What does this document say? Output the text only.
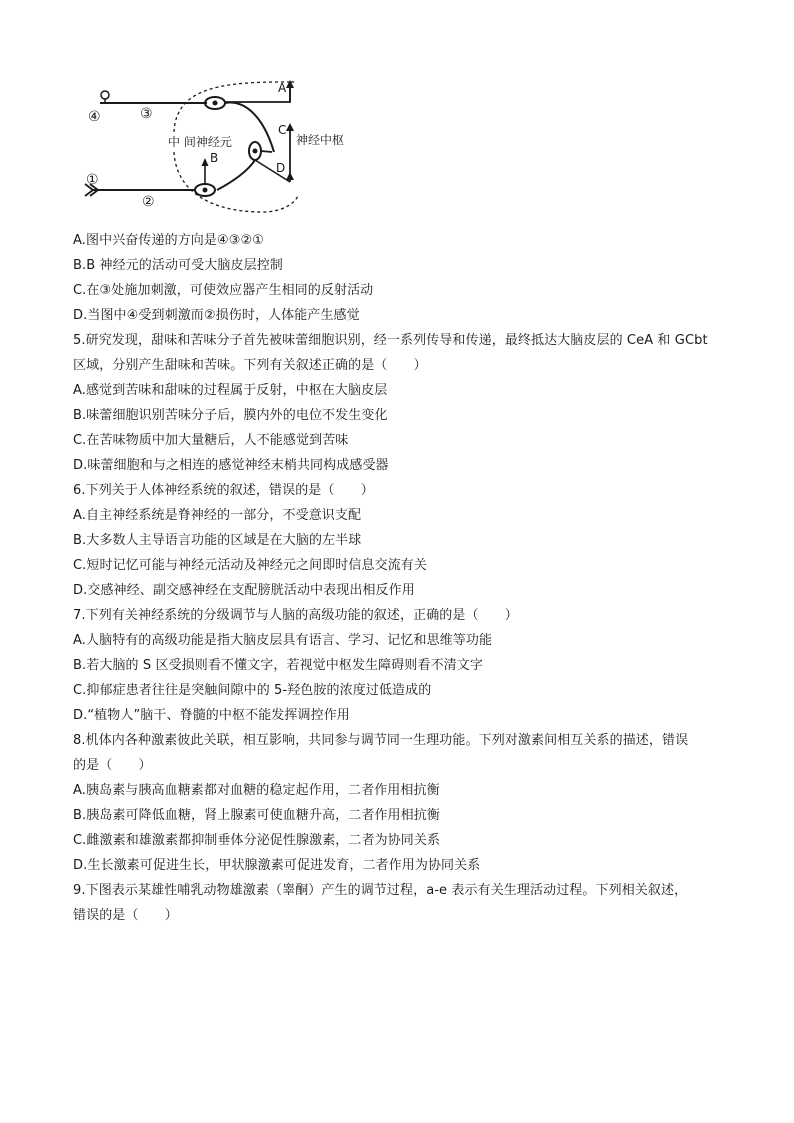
④	③
①
②
A
C
D
B
中 间神经元	神经中枢
A.图中兴奋传递的方向是④③②①
B.B 神经元的活动可受大脑皮层控制
C.在③处施加刺激，可使效应器产生相同的反射活动
D.当图中④受到刺激而②损伤时，人体能产生感觉
5.研究发现，甜味和苦味分子首先被味蕾细胞识别，经一系列传导和传递，最终抵达大脑皮层的 CeA 和 GCbt
区域，分别产生甜味和苦味。下列有关叙述正确的是（　　）
A.感觉到苦味和甜味的过程属于反射，中枢在大脑皮层
B.味蕾细胞识别苦味分子后，膜内外的电位不发生变化
C.在苦味物质中加大量糖后，人不能感觉到苦味
D.味蕾细胞和与之相连的感觉神经末梢共同构成感受器
6.下列关于人体神经系统的叙述，错误的是（　　）
A.自主神经系统是脊神经的一部分，不受意识支配
B.大多数人主导语言功能的区域是在大脑的左半球
C.短时记忆可能与神经元活动及神经元之间即时信息交流有关
D.交感神经、副交感神经在支配膀胱活动中表现出相反作用
7.下列有关神经系统的分级调节与人脑的高级功能的叙述，正确的是（　　）
A.人脑特有的高级功能是指大脑皮层具有语言、学习、记忆和思维等功能
B.若大脑的 S 区受损则看不懂文字，若视觉中枢发生障碍则看不清文字
C.抑郁症患者往往是突触间隙中的 5-羟色胺的浓度过低造成的
D.“植物人”脑干、脊髓的中枢不能发挥调控作用
8.机体内各种激素彼此关联，相互影响，共同参与调节同一生理功能。下列对激素间相互关系的描述，错误
的是（　　）
A.胰岛素与胰高血糖素都对血糖的稳定起作用，二者作用相抗衡
B.胰岛素可降低血糖，肾上腺素可使血糖升高，二者作用相抗衡
C.雌激素和雄激素都抑制垂体分泌促性腺激素，二者为协同关系
D.生长激素可促进生长，甲状腺激素可促进发育，二者作用为协同关系
9.下图表示某雄性哺乳动物雄激素（睾酮）产生的调节过程，a-e 表示有关生理活动过程。下列相关叙述，
错误的是（　　）
